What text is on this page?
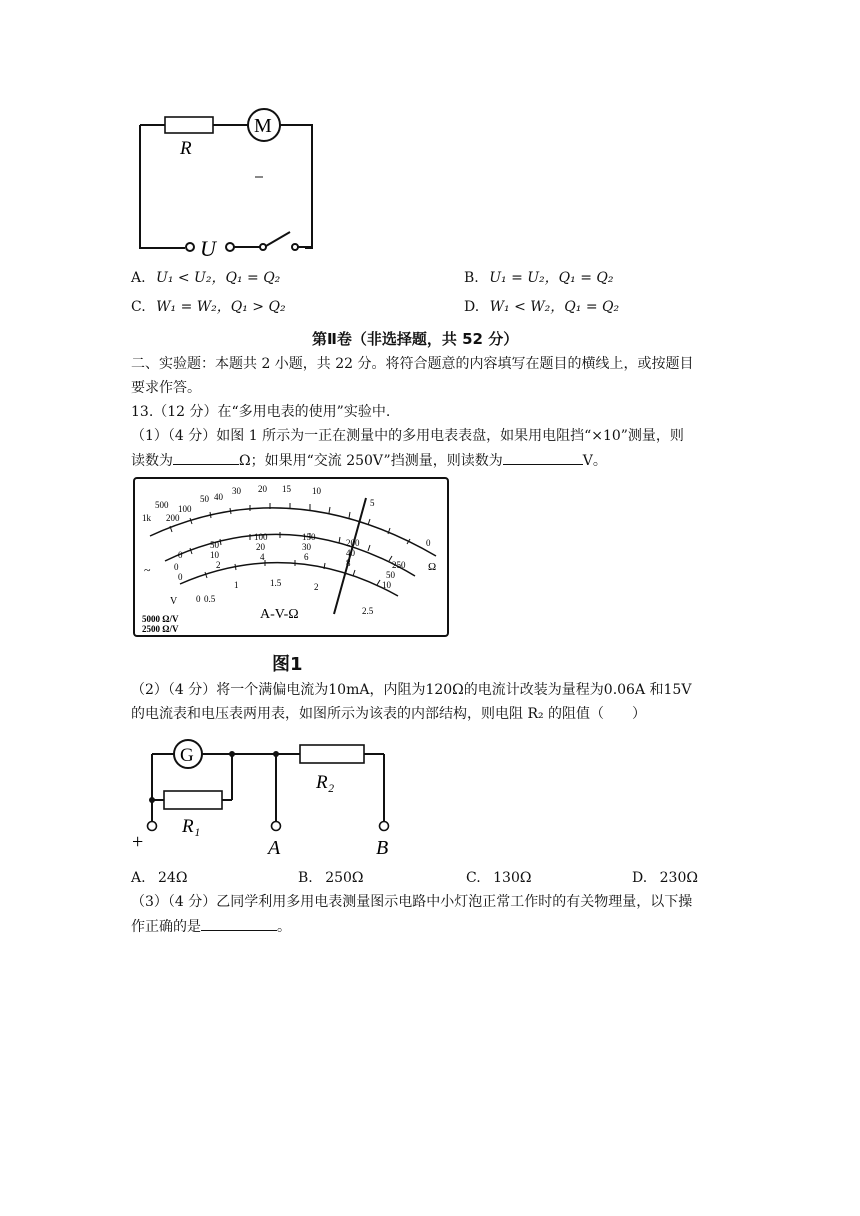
R
M
U
A. U₁ < U₂，Q₁ = Q₂	B. U₁ = U₂，Q₁ = Q₂
C. W₁ = W₂，Q₁ > Q₂	D. W₁ < W₂，Q₁ = Q₂
第Ⅱ卷（非选择题，共 52 分）
二、实验题：本题共 2 小题，共 22 分。将符合题意的内容填写在题目的横线上，或按题目
要求作答。
13.（12 分）在“多用电表的使用”实验中.
（1）（4 分）如图 1 所示为一正在测量中的多用电表表盘，如果用电阻挡“×10”测量，则
读数为	Ω；如果用“交流 250V”挡测量，则读数为	V。
1k
500
200
100
50 40
30 20 15 10
5
0
0
50
100	150
200
250
0
10
20	30
40
50
0
2
4	6
8
10
0 0.5
1	1.5	2
2.5
Ω
~
V
A-V-Ω
5000 Ω/V
2500 Ω/V
图1
（2）（4 分）将一个满偏电流为10mA，内阻为120Ω的电流计改装为量程为0.06A 和15V
的电流表和电压表两用表，如图所示为该表的内部结构，则电阻 R₂ 的阻值（　　）
G
R₂
R₁
+	A	B
A. 24Ω	B. 250Ω	C. 130Ω	D. 230Ω
（3）（4 分）乙同学利用多用电表测量图示电路中小灯泡正常工作时的有关物理量，以下操
作正确的是	。
